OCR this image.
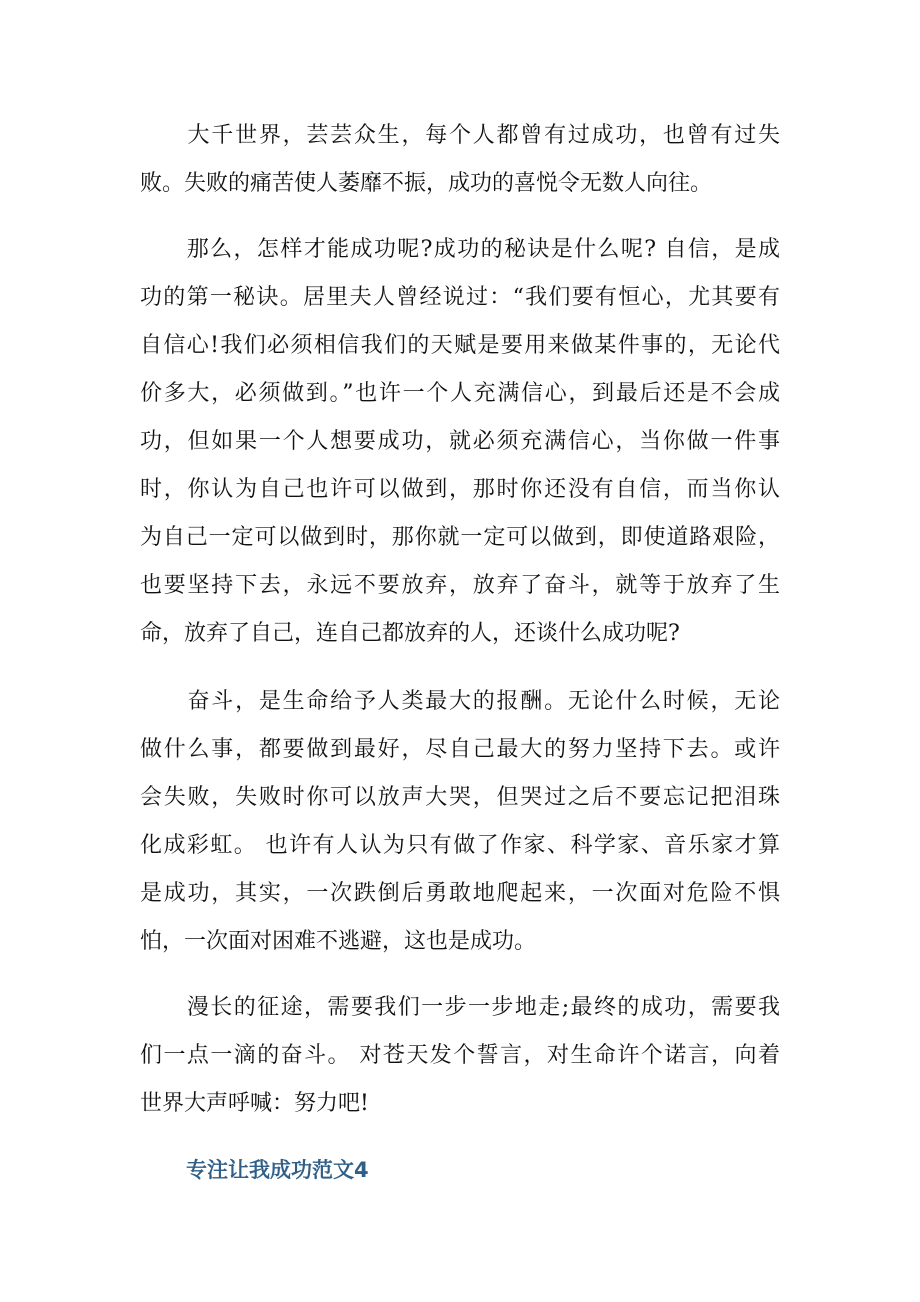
　　大千世界，芸芸众生，每个人都曾有过成功，也曾有过失
败。失败的痛苦使人萎靡不振，成功的喜悦令无数人向往。
　　那么，怎样才能成功呢?成功的秘诀是什么呢? 自信，是成
功的第一秘诀。居里夫人曾经说过：“我们要有恒心，尤其要有
自信心!我们必须相信我们的天赋是要用来做某件事的，无论代
价多大，必须做到。”也许一个人充满信心，到最后还是不会成
功，但如果一个人想要成功，就必须充满信心，当你做一件事
时，你认为自己也许可以做到，那时你还没有自信，而当你认
为自己一定可以做到时，那你就一定可以做到，即使道路艰险，
也要坚持下去，永远不要放弃，放弃了奋斗，就等于放弃了生
命，放弃了自己，连自己都放弃的人，还谈什么成功呢?
　　奋斗，是生命给予人类最大的报酬。无论什么时候，无论
做什么事，都要做到最好，尽自己最大的努力坚持下去。或许
会失败，失败时你可以放声大哭，但哭过之后不要忘记把泪珠
化成彩虹。 也许有人认为只有做了作家、科学家、音乐家才算
是成功，其实，一次跌倒后勇敢地爬起来，一次面对危险不惧
怕，一次面对困难不逃避，这也是成功。
　　漫长的征途，需要我们一步一步地走;最终的成功，需要我
们一点一滴的奋斗。 对苍天发个誓言，对生命许个诺言，向着
世界大声呼喊：努力吧!
专注让我成功范文4
